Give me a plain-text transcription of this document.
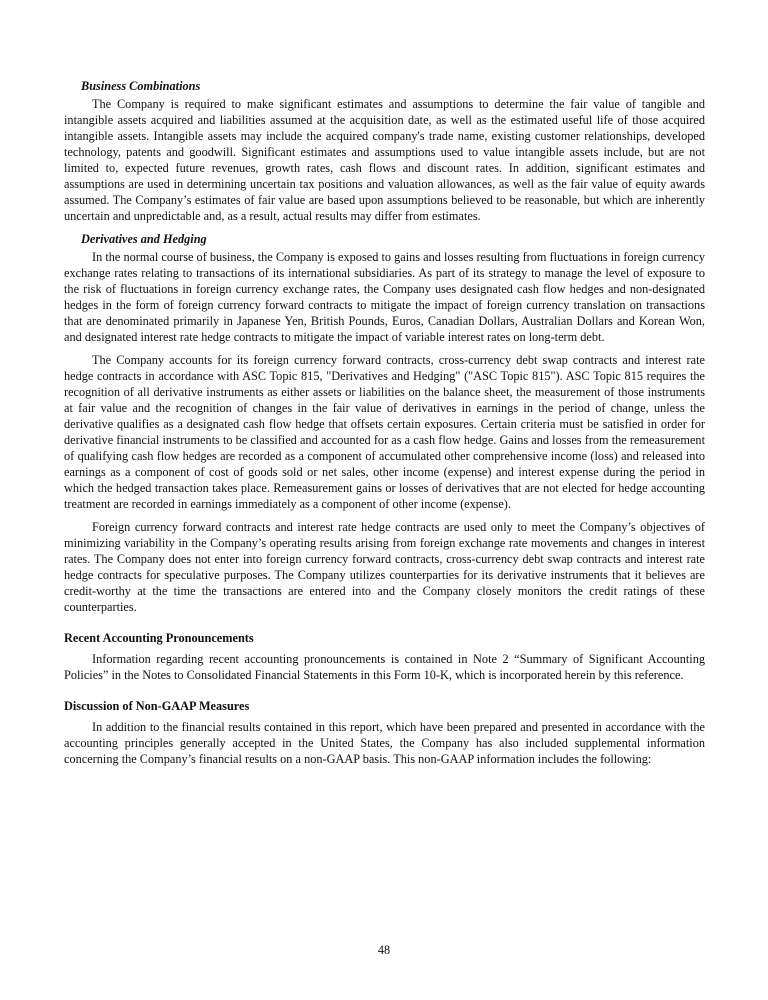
Business Combinations

The Company is required to make significant estimates and assumptions to determine the fair value of tangible and intangible assets acquired and liabilities assumed at the acquisition date, as well as the estimated useful life of those acquired intangible assets. Intangible assets may include the acquired company's trade name, existing customer relationships, developed technology, patents and goodwill. Significant estimates and assumptions used to value intangible assets include, but are not limited to, expected future revenues, growth rates, cash flows and discount rates. In addition, significant estimates and assumptions are used in determining uncertain tax positions and valuation allowances, as well as the fair value of equity awards assumed. The Company’s estimates of fair value are based upon assumptions believed to be reasonable, but which are inherently uncertain and unpredictable and, as a result, actual results may differ from estimates.

Derivatives and Hedging

In the normal course of business, the Company is exposed to gains and losses resulting from fluctuations in foreign currency exchange rates relating to transactions of its international subsidiaries. As part of its strategy to manage the level of exposure to the risk of fluctuations in foreign currency exchange rates, the Company uses designated cash flow hedges and non-designated hedges in the form of foreign currency forward contracts to mitigate the impact of foreign currency translation on transactions that are denominated primarily in Japanese Yen, British Pounds, Euros, Canadian Dollars, Australian Dollars and Korean Won, and designated interest rate hedge contracts to mitigate the impact of variable interest rates on long-term debt.

The Company accounts for its foreign currency forward contracts, cross-currency debt swap contracts and interest rate hedge contracts in accordance with ASC Topic 815, "Derivatives and Hedging" ("ASC Topic 815"). ASC Topic 815 requires the recognition of all derivative instruments as either assets or liabilities on the balance sheet, the measurement of those instruments at fair value and the recognition of changes in the fair value of derivatives in earnings in the period of change, unless the derivative qualifies as a designated cash flow hedge that offsets certain exposures. Certain criteria must be satisfied in order for derivative financial instruments to be classified and accounted for as a cash flow hedge. Gains and losses from the remeasurement of qualifying cash flow hedges are recorded as a component of accumulated other comprehensive income (loss) and released into earnings as a component of cost of goods sold or net sales, other income (expense) and interest expense during the period in which the hedged transaction takes place. Remeasurement gains or losses of derivatives that are not elected for hedge accounting treatment are recorded in earnings immediately as a component of other income (expense).

Foreign currency forward contracts and interest rate hedge contracts are used only to meet the Company’s objectives of minimizing variability in the Company’s operating results arising from foreign exchange rate movements and changes in interest rates. The Company does not enter into foreign currency forward contracts, cross-currency debt swap contracts and interest rate hedge contracts for speculative purposes. The Company utilizes counterparties for its derivative instruments that it believes are credit-worthy at the time the transactions are entered into and the Company closely monitors the credit ratings of these counterparties.

Recent Accounting Pronouncements

Information regarding recent accounting pronouncements is contained in Note 2 “Summary of Significant Accounting Policies” in the Notes to Consolidated Financial Statements in this Form 10-K, which is incorporated herein by this reference.

Discussion of Non-GAAP Measures

In addition to the financial results contained in this report, which have been prepared and presented in accordance with the accounting principles generally accepted in the United States, the Company has also included supplemental information concerning the Company’s financial results on a non-GAAP basis. This non-GAAP information includes the following:

48
